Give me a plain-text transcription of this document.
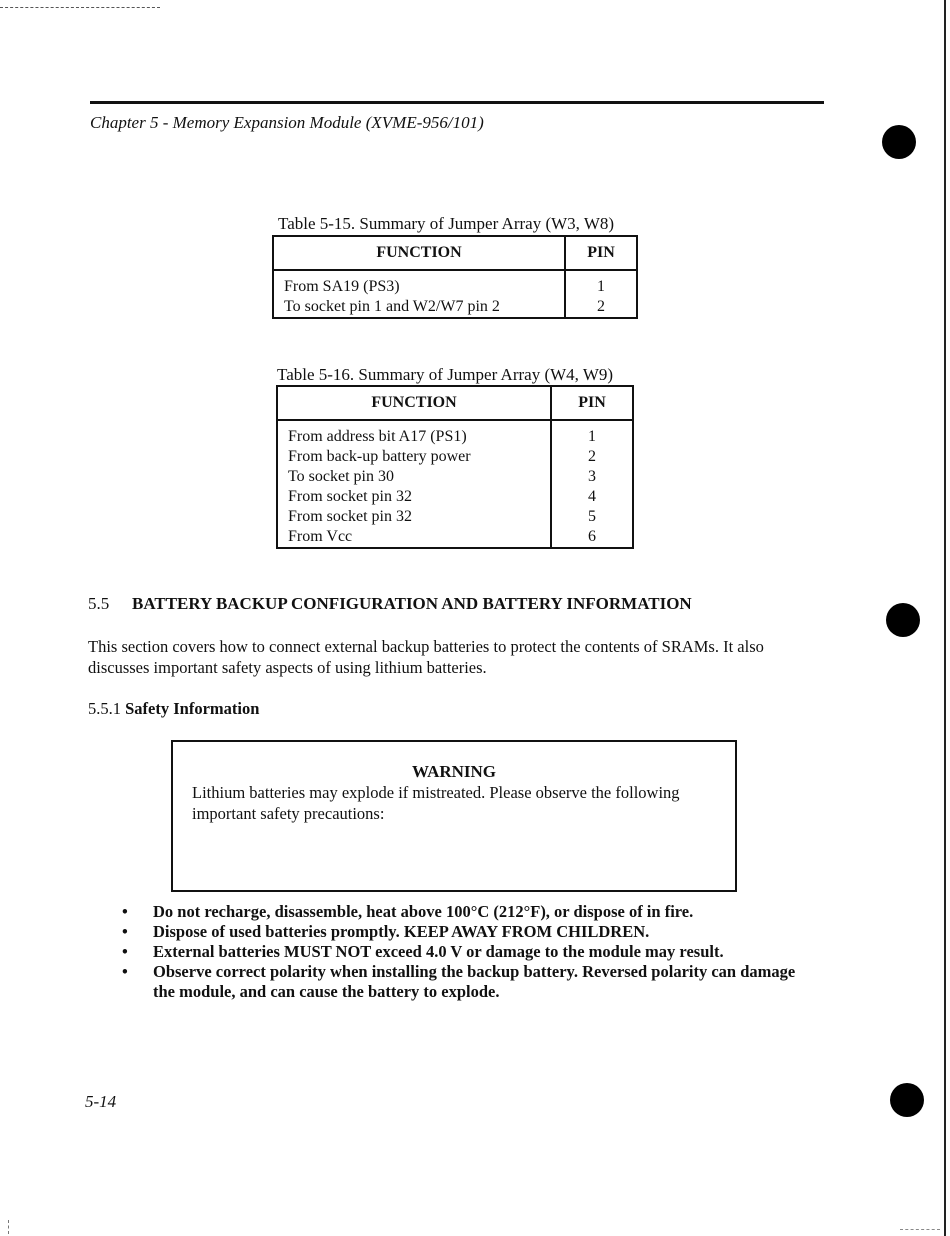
Chapter 5 - Memory Expansion Module (XVME-956/101)
Table 5-15. Summary of Jumper Array (W3, W8)
FUNCTION	PIN
From SA19 (PS3)	1
To socket pin 1 and W2/W7 pin 2	2
Table 5-16. Summary of Jumper Array (W4, W9)
FUNCTION	PIN
From address bit A17 (PS1)	1
From back-up battery power	2
To socket pin 30	3
From socket pin 32	4
From socket pin 32	5
From Vcc	6
5.5 BATTERY BACKUP CONFIGURATION AND BATTERY INFORMATION
This section covers how to connect external backup batteries to protect the contents of SRAMs. It also discusses important safety aspects of using lithium batteries.
5.5.1 Safety Information
WARNING
Lithium batteries may explode if mistreated. Please observe the following important safety precautions:
• Do not recharge, disassemble, heat above 100°C (212°F), or dispose of in fire.
• Dispose of used batteries promptly. KEEP AWAY FROM CHILDREN.
• External batteries MUST NOT exceed 4.0 V or damage to the module may result.
• Observe correct polarity when installing the backup battery. Reversed polarity can damage the module, and can cause the battery to explode.
5-14
